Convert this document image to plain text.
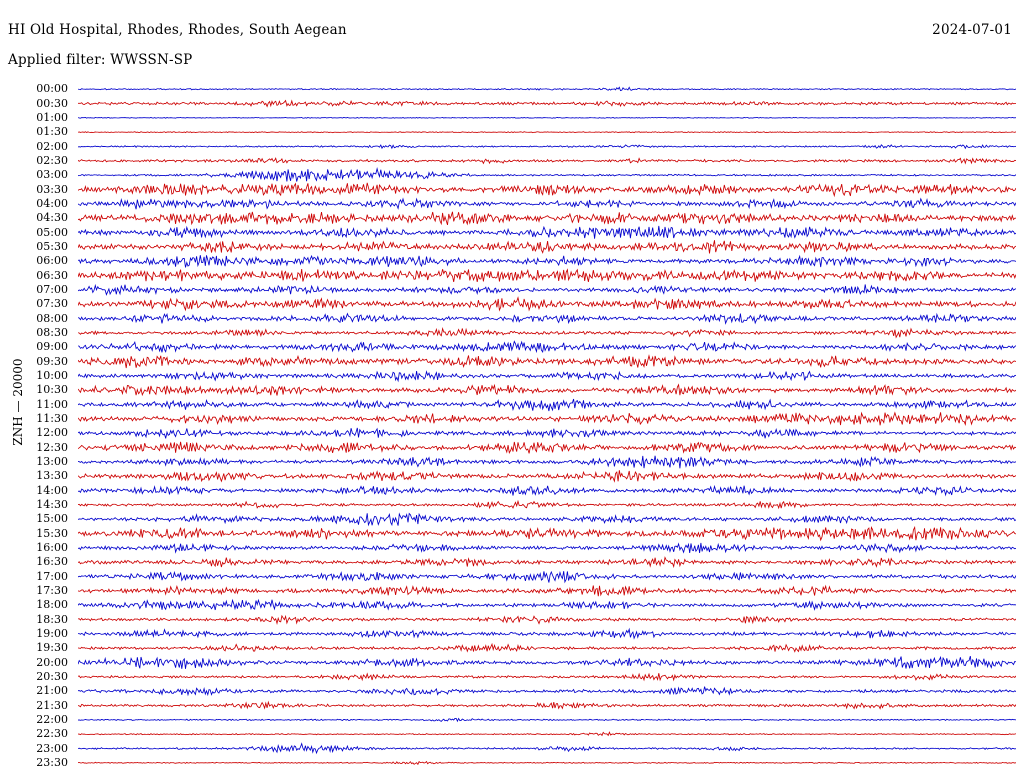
HI Old Hospital, Rhodes, Rhodes, South Aegean	2024-07-01
Applied filter: WWSSN-SP
ZNH — 20000
00:00
00:30
01:00
01:30
02:00
02:30
03:00
03:30
04:00
04:30
05:00
05:30
06:00
06:30
07:00
07:30
08:00
08:30
09:00
09:30
10:00
10:30
11:00
11:30
12:00
12:30
13:00
13:30
14:00
14:30
15:00
15:30
16:00
16:30
17:00
17:30
18:00
18:30
19:00
19:30
20:00
20:30
21:00
21:30
22:00
22:30
23:00
23:30
